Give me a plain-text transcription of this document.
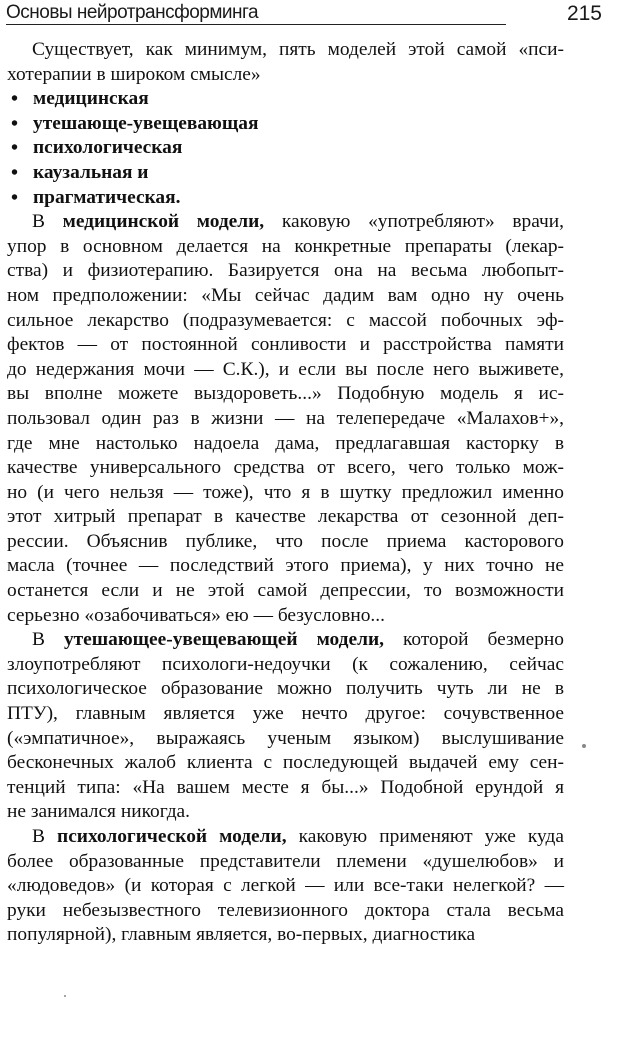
Основы нейротрансформинга	215

Существует, как минимум, пять моделей этой самой «пси-
хотерапии в широком смысле»

• медицинская
• утешающе-увещевающая
• психологическая
• каузальная и
• прагматическая.

В медицинской модели, каковую «употребляют» врачи,
упор в основном делается на конкретные препараты (лекар-
ства) и физиотерапию. Базируется она на весьма любопыт-
ном предположении: «Мы сейчас дадим вам одно ну очень
сильное лекарство (подразумевается: с массой побочных эф-
фектов — от постоянной сонливости и расстройства памяти
до недержания мочи — С.К.), и если вы после него выживете,
вы вполне можете выздороветь...» Подобную модель я ис-
пользовал один раз в жизни — на телепередаче «Малахов+»,
где мне настолько надоела дама, предлагавшая касторку в
качестве универсального средства от всего, чего только мож-
но (и чего нельзя — тоже), что я в шутку предложил именно
этот хитрый препарат в качестве лекарства от сезонной деп-
рессии. Объяснив публике, что после приема касторового
масла (точнее — последствий этого приема), у них точно не
останется если и не этой самой депрессии, то возможности
серьезно «озабочиваться» ею — безусловно...

В утешающее-увещевающей модели, которой безмерно
злоупотребляют психологи-недоучки (к сожалению, сейчас
психологическое образование можно получить чуть ли не в
ПТУ), главным является уже нечто другое: сочувственное
(«эмпатичное», выражаясь ученым языком) выслушивание
бесконечных жалоб клиента с последующей выдачей ему сен-
тенций типа: «На вашем месте я бы...» Подобной ерундой я
не занимался никогда.

В психологической модели, каковую применяют уже куда
более образованные представители племени «душелюбов» и
«людоведов» (и которая с легкой — или все-таки нелегкой? —
руки небезызвестного телевизионного доктора стала весьма
популярной), главным является, во-первых, диагностика
